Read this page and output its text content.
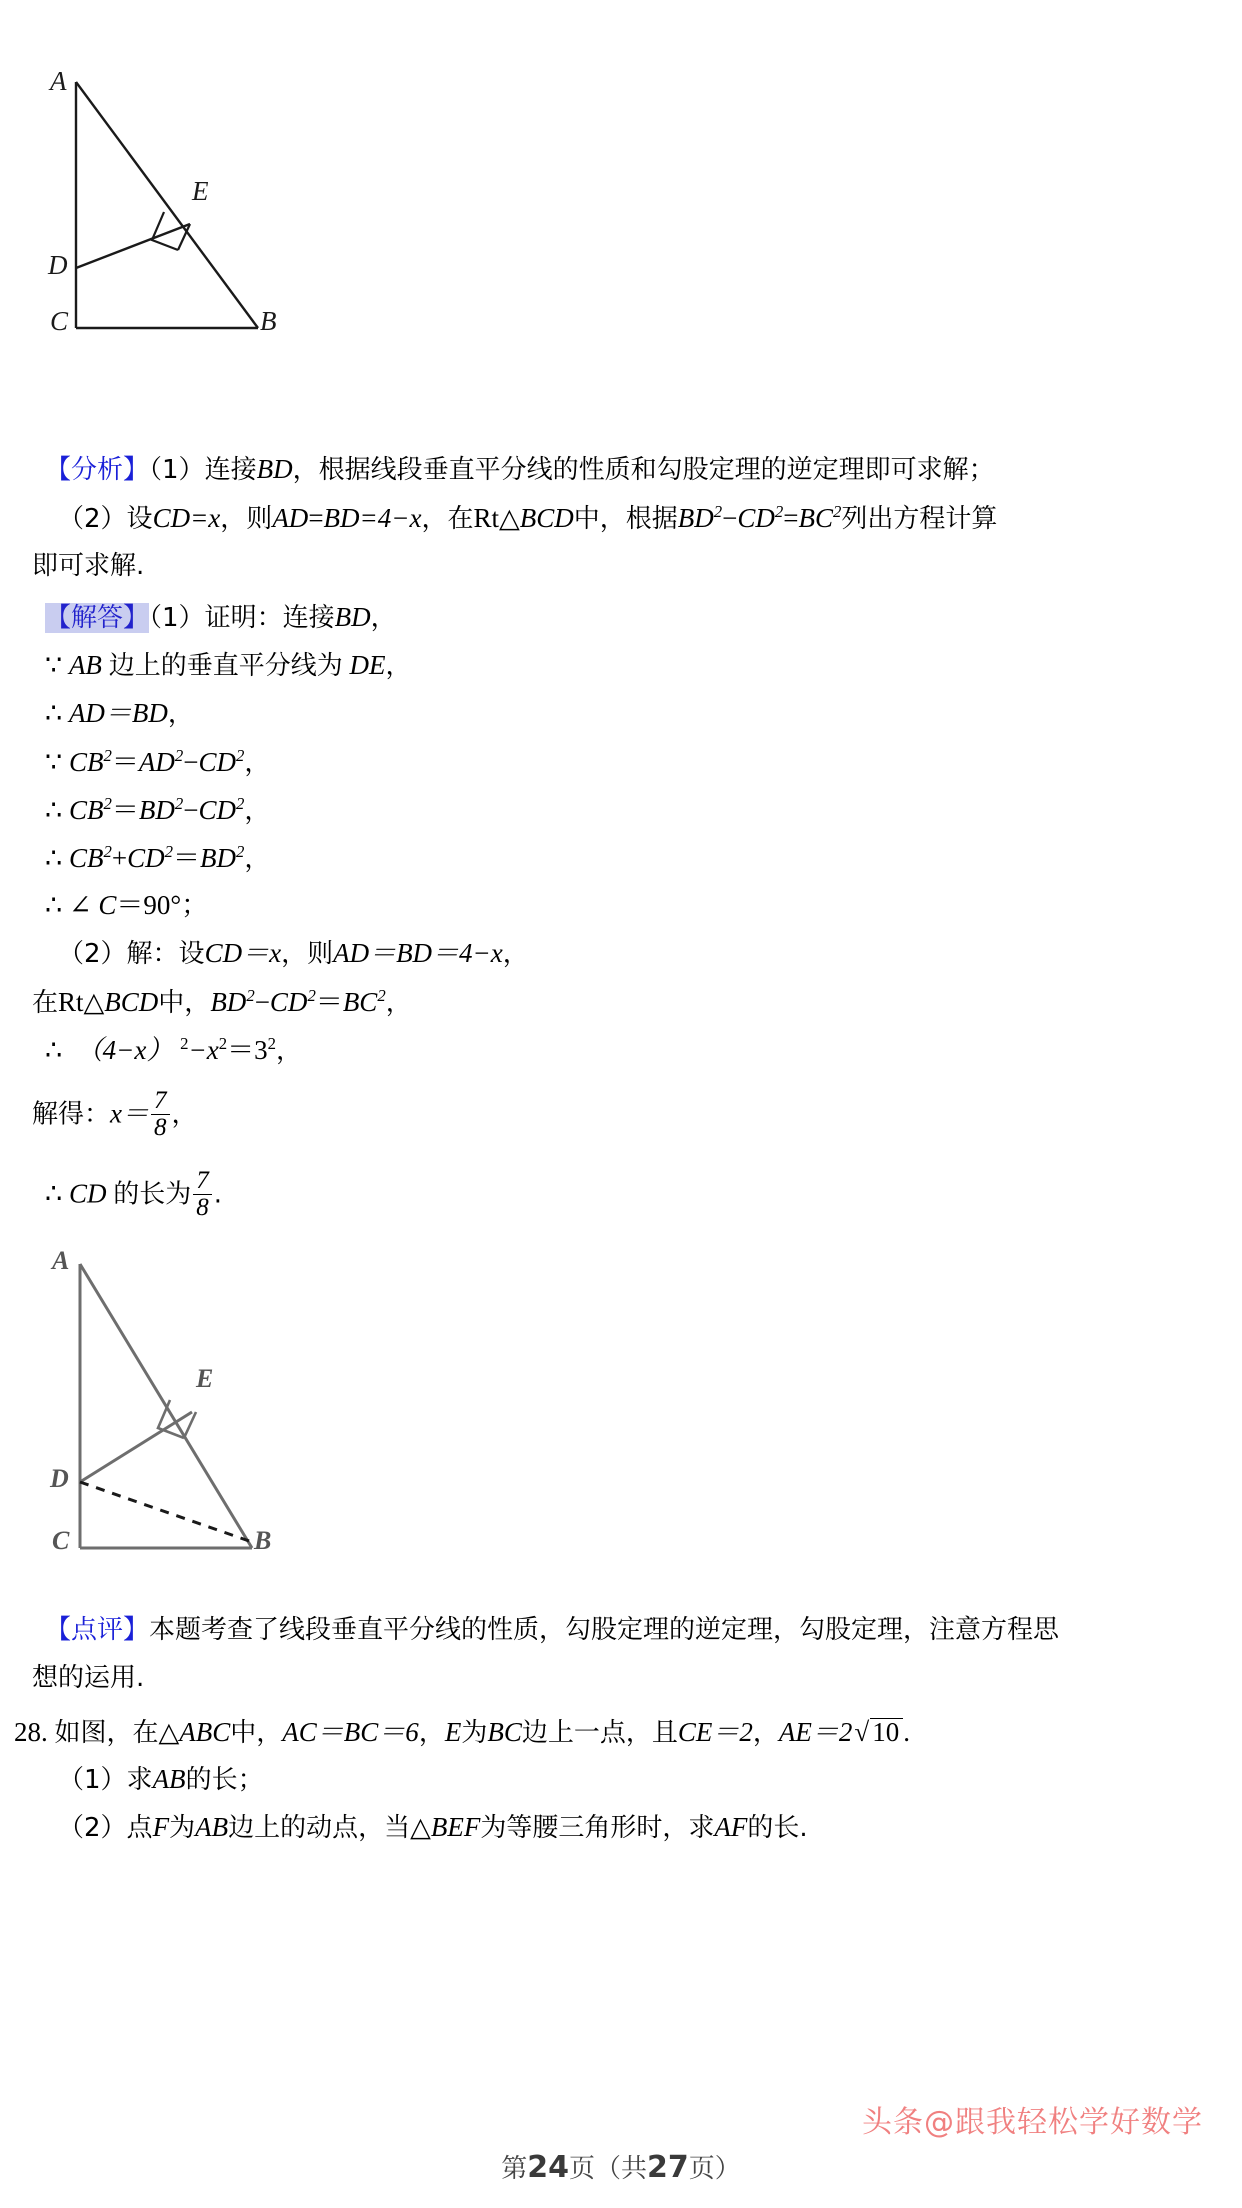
A
E
D
C	B
【分析】（1）连接BD，根据线段垂直平分线的性质和勾股定理的逆定理即可求解；
（2）设CD=x，则AD=BD=4−x，在Rt△BCD中，根据$BD^2-CD^2=BC^2$列出方程计算
即可求解.
【解答】（1）证明：连接BD，
∵ AB 边上的垂直平分线为 DE，
∴ AD＝BD，
∵ $CB^2=AD^2-CD^2$，
∴ $CB^2=BD^2-CD^2$，
∴ $CB^2+CD^2=BD^2$，
∴ ∠ C＝90°；
（2）解：设CD＝x，则AD＝BD＝4−x，
在Rt△BCD中，$BD^2-CD^2=BC^2$，
∴ （4−x） $^2-x^2=3^2$，
解得：$x= \frac{7}{8}$ ，
∴ CD 的长为 $\frac{7}{8}$ .
A
E
D
C	B
【点评】本题考查了线段垂直平分线的性质，勾股定理的逆定理，勾股定理，注意方程思
想的运用.
28. 如图，在△ABC中，AC＝BC＝6，E为BC边上一点，且CE＝2，AE＝2√ 10 .
（1）求AB的长；
（2）点F为AB边上的动点，当△BEF为等腰三角形时，求AF的长.
头条@跟我轻松学好数学
第24页（共27页）
